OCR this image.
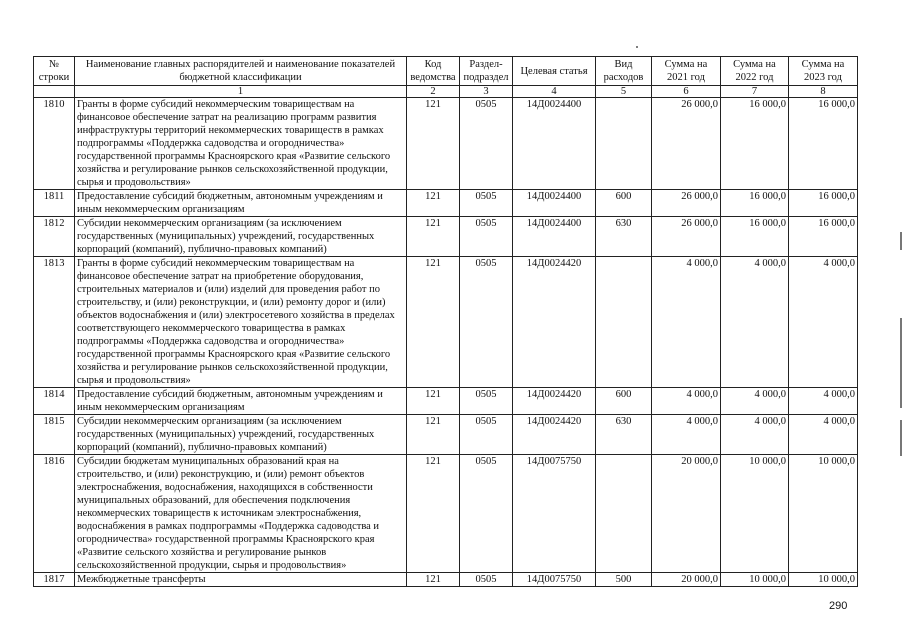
№ строки	Наименование главных распорядителей и наименование показателей бюджетной классификации	Код ведомства	Раздел-подраздел	Целевая статья	Вид расходов	Сумма на 2021 год	Сумма на 2022 год	Сумма на 2023 год
	1	2	3	4	5	6	7	8
1810	Гранты в форме субсидий некоммерческим товариществам на финансовое обеспечение затрат на реализацию программ развития инфраструктуры территорий некоммерческих товариществ в рамках подпрограммы «Поддержка садоводства и огородничества» государственной программы Красноярского края «Развитие сельского хозяйства и регулирование рынков сельскохозяйственной продукции, сырья и продовольствия»	121	0505	14Д0024400		26 000,0	16 000,0	16 000,0
1811	Предоставление субсидий бюджетным, автономным учреждениям и иным некоммерческим организациям	121	0505	14Д0024400	600	26 000,0	16 000,0	16 000,0
1812	Субсидии некоммерческим организациям (за исключением государственных (муниципальных) учреждений, государственных корпораций (компаний), публично-правовых компаний)	121	0505	14Д0024400	630	26 000,0	16 000,0	16 000,0
1813	Гранты в форме субсидий некоммерческим товариществам на финансовое обеспечение затрат на приобретение оборудования, строительных материалов и (или) изделий для проведения работ по строительству, и (или) реконструкции, и (или) ремонту дорог и (или) объектов водоснабжения и (или) электросетевого хозяйства в пределах соответствующего некоммерческого товарищества в рамках подпрограммы «Поддержка садоводства и огородничества» государственной программы Красноярского края «Развитие сельского хозяйства и регулирование рынков сельскохозяйственной продукции, сырья и продовольствия»	121	0505	14Д0024420		4 000,0	4 000,0	4 000,0
1814	Предоставление субсидий бюджетным, автономным учреждениям и иным некоммерческим организациям	121	0505	14Д0024420	600	4 000,0	4 000,0	4 000,0
1815	Субсидии некоммерческим организациям (за исключением государственных (муниципальных) учреждений, государственных корпораций (компаний), публично-правовых компаний)	121	0505	14Д0024420	630	4 000,0	4 000,0	4 000,0
1816	Субсидии бюджетам муниципальных образований края на строительство, и (или) реконструкцию, и (или) ремонт объектов электроснабжения, водоснабжения, находящихся в собственности муниципальных образований, для обеспечения подключения некоммерческих товариществ к источникам электроснабжения, водоснабжения в рамках подпрограммы «Поддержка садоводства и огородничества» государственной программы Красноярского края «Развитие сельского хозяйства и регулирование рынков сельскохозяйственной продукции, сырья и продовольствия»	121	0505	14Д0075750		20 000,0	10 000,0	10 000,0
1817	Межбюджетные трансферты	121	0505	14Д0075750	500	20 000,0	10 000,0	10 000,0
290
